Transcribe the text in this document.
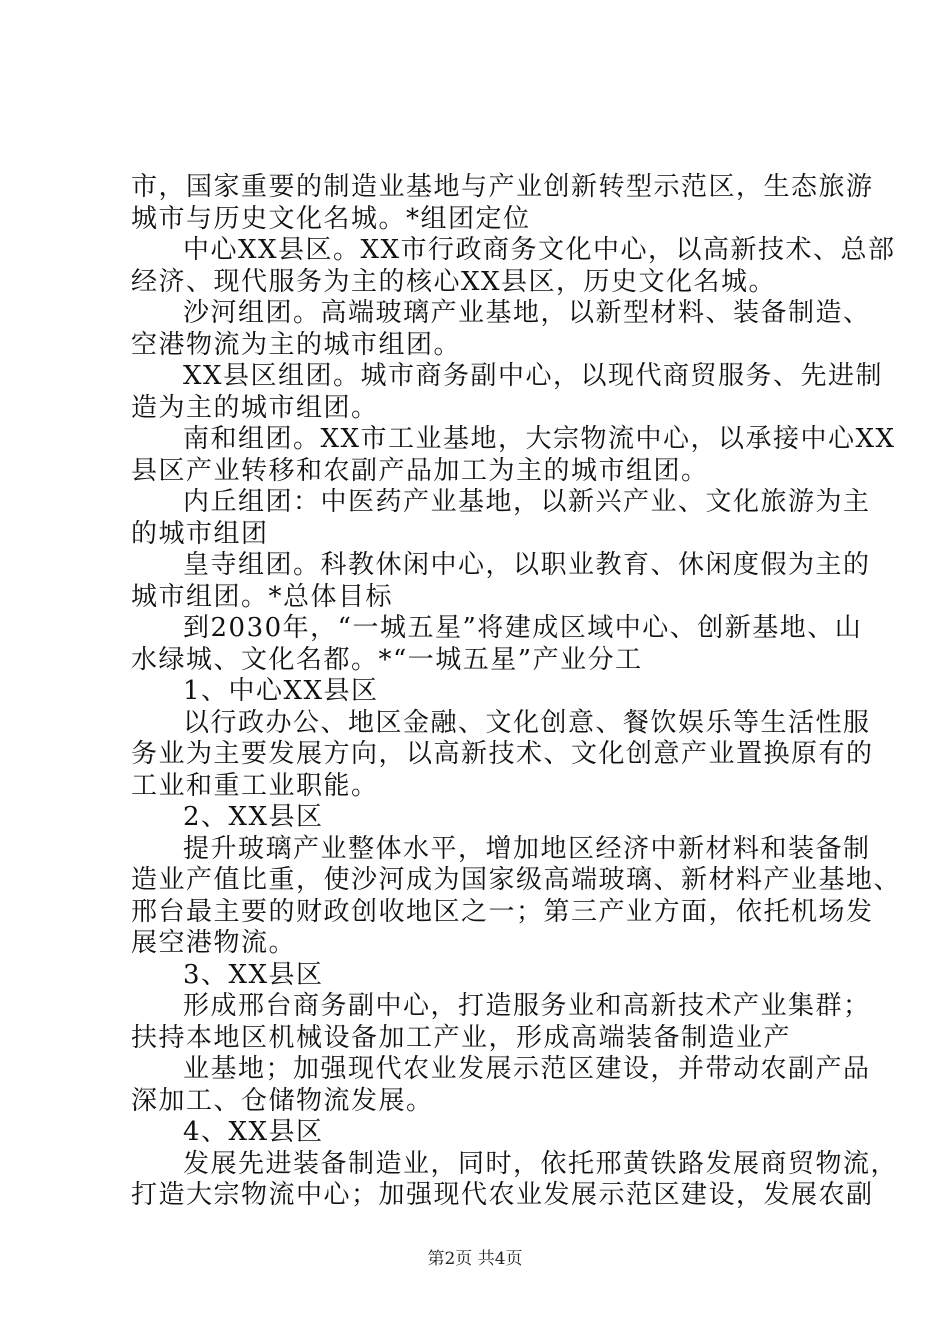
市，国家重要的制造业基地与产业创新转型示范区，生态旅游
城市与历史文化名城。*组团定位
中心XX县区。XX市行政商务文化中心，以高新技术、总部
经济、现代服务为主的核心XX县区，历史文化名城。
沙河组团。高端玻璃产业基地，以新型材料、装备制造、
空港物流为主的城市组团。
XX县区组团。城市商务副中心，以现代商贸服务、先进制
造为主的城市组团。
南和组团。XX市工业基地，大宗物流中心，以承接中心XX
县区产业转移和农副产品加工为主的城市组团。
内丘组团：中医药产业基地，以新兴产业、文化旅游为主
的城市组团
皇寺组团。科教休闲中心，以职业教育、休闲度假为主的
城市组团。*总体目标
到2030年，“一城五星”将建成区域中心、创新基地、山
水绿城、文化名都。*“一城五星”产业分工
1、中心XX县区
以行政办公、地区金融、文化创意、餐饮娱乐等生活性服
务业为主要发展方向，以高新技术、文化创意产业置换原有的
工业和重工业职能。
2、XX县区
提升玻璃产业整体水平，增加地区经济中新材料和装备制
造业产值比重，使沙河成为国家级高端玻璃、新材料产业基地、
邢台最主要的财政创收地区之一；第三产业方面，依托机场发
展空港物流。
3、XX县区
形成邢台商务副中心，打造服务业和高新技术产业集群；
扶持本地区机械设备加工产业，形成高端装备制造业产
业基地；加强现代农业发展示范区建设，并带动农副产品
深加工、仓储物流发展。
4、XX县区
发展先进装备制造业，同时，依托邢黄铁路发展商贸物流，
打造大宗物流中心；加强现代农业发展示范区建设，发展农副
第2页 共4页
